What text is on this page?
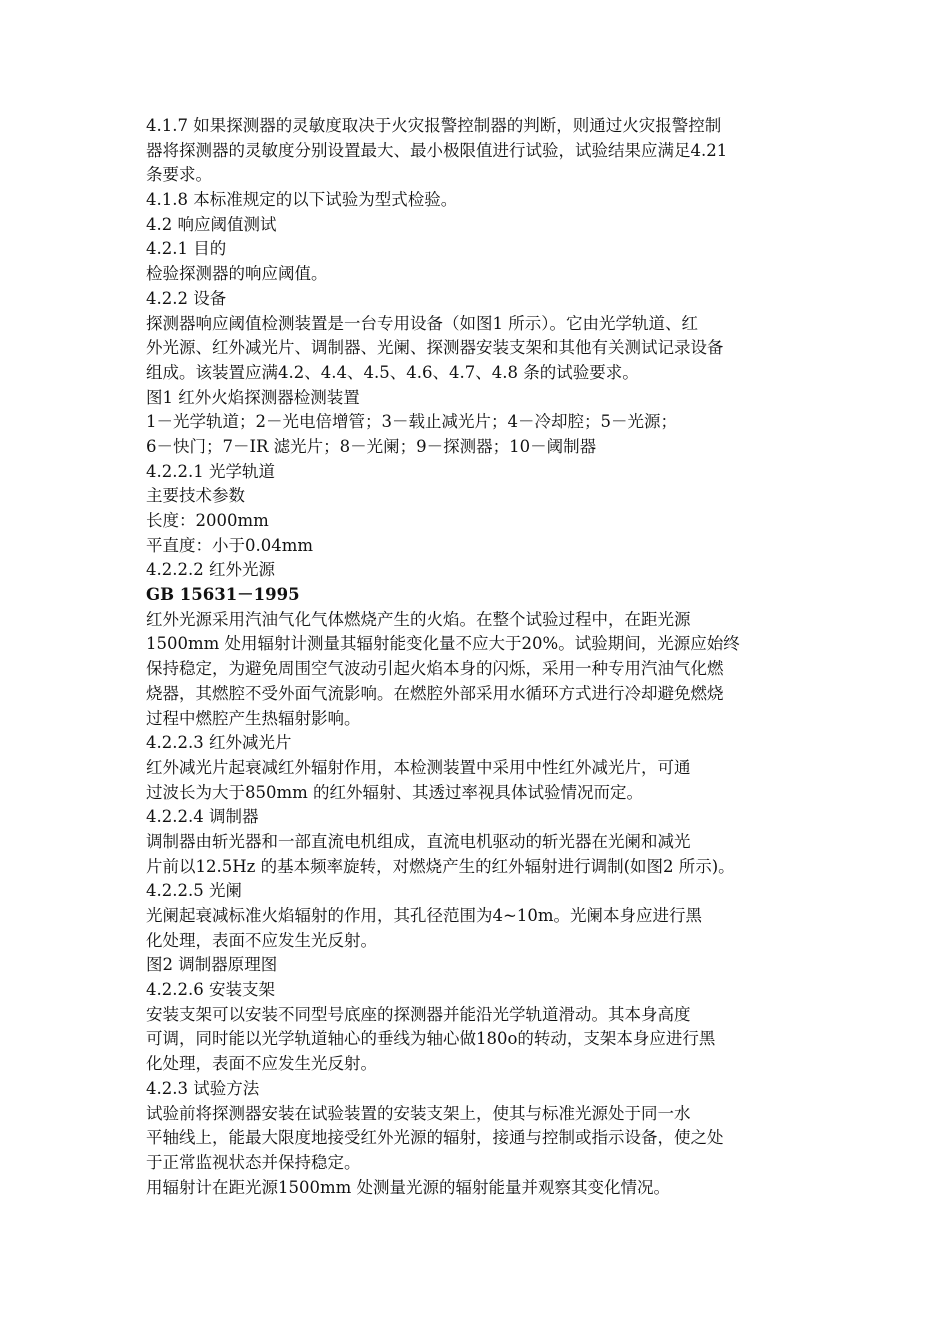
4.1.7 如果探测器的灵敏度取决于火灾报警控制器的判断，则通过火灾报警控制
器将探测器的灵敏度分别设置最大、最小极限值进行试验，试验结果应满足4.21
条要求。
4.1.8 本标准规定的以下试验为型式检验。
4.2 响应阈值测试
4.2.1 目的
检验探测器的响应阈值。
4.2.2 设备
探测器响应阈值检测装置是一台专用设备（如图1 所示）。它由光学轨道、红
外光源、红外减光片、调制器、光阑、探测器安装支架和其他有关测试记录设备
组成。该装置应满4.2、4.4、4.5、4.6、4.7、4.8 条的试验要求。
图1 红外火焰探测器检测装置
1－光学轨道；2－光电倍增管；3－载止减光片；4－冷却腔；5－光源；
6－快门；7－IR 滤光片；8－光阑；9－探测器；10－阈制器
4.2.2.1 光学轨道
主要技术参数
长度：2000mm
平直度：小于0.04mm
4.2.2.2 红外光源
GB 15631－1995
红外光源采用汽油气化气体燃烧产生的火焰。在整个试验过程中，在距光源
1500mm 处用辐射计测量其辐射能变化量不应大于20%。试验期间，光源应始终
保持稳定，为避免周围空气波动引起火焰本身的闪烁，采用一种专用汽油气化燃
烧器，其燃腔不受外面气流影响。在燃腔外部采用水循环方式进行冷却避免燃烧
过程中燃腔产生热辐射影响。
4.2.2.3 红外减光片
红外减光片起衰减红外辐射作用，本检测装置中采用中性红外减光片，可通
过波长为大于850mm 的红外辐射、其透过率视具体试验情况而定。
4.2.2.4 调制器
调制器由斩光器和一部直流电机组成，直流电机驱动的斩光器在光阑和减光
片前以12.5Hz 的基本频率旋转，对燃烧产生的红外辐射进行调制(如图2 所示)。
4.2.2.5 光阑
光阑起衰减标准火焰辐射的作用，其孔径范围为4~10m。光阑本身应进行黑
化处理，表面不应发生光反射。
图2 调制器原理图
4.2.2.6 安装支架
安装支架可以安装不同型号底座的探测器并能沿光学轨道滑动。其本身高度
可调，同时能以光学轨道轴心的垂线为轴心做180o的转动，支架本身应进行黑
化处理，表面不应发生光反射。
4.2.3 试验方法
试验前将探测器安装在试验装置的安装支架上，使其与标准光源处于同一水
平轴线上，能最大限度地接受红外光源的辐射，接通与控制或指示设备，使之处
于正常监视状态并保持稳定。
用辐射计在距光源1500mm 处测量光源的辐射能量并观察其变化情况。
